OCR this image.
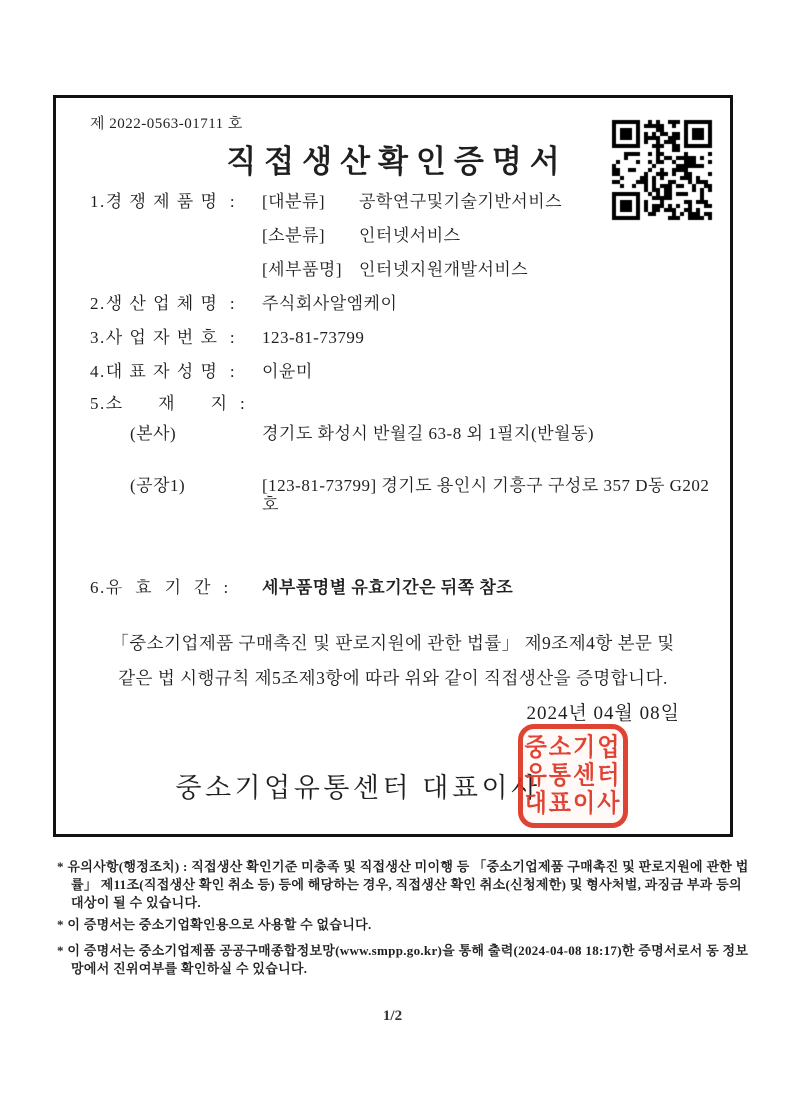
제 2022-0563-01711 호
직접생산확인증명서
1.경 쟁 제 품 명  :	[대분류]	공학연구및기술기반서비스

[소분류]	인터넷서비스

[세부품명] 인터넷지원개발서비스
2.생 산 업 체 명  :	주식회사알엠케이
3.사 업 자 번 호  :	123-81-73799
4.대 표 자 성 명  :	이윤미
5.소      재      지  :
(본사)	경기도 화성시 반월길 63-8 외 1필지(반월동)
(공장1)	[123-81-73799] 경기도 용인시 기흥구 구성로 357 D동 G202호
6.유  효  기  간  :	세부품명별 유효기간은 뒤쪽 참조
「중소기업제품 구매촉진 및 판로지원에 관한 법률」 제9조제4항 본문 및
같은 법 시행규칙 제5조제3항에 따라 위와 같이 직접생산을 증명합니다.
2024년 04월 08일
중소기업유통센터 대표이사
중소기업
유통센터
대표이사
* 유의사항(행정조치) : 직접생산 확인기준 미충족 및 직접생산 미이행 등 「중소기업제품 구매촉진 및 판로지원에 관한 법률」 제11조(직접생산 확인 취소 등) 등에 해당하는 경우, 직접생산 확인 취소(신청제한) 및 형사처벌, 과징금 부과 등의 대상이 될 수 있습니다.
* 이 증명서는 중소기업확인용으로 사용할 수 없습니다.
* 이 증명서는 중소기업제품 공공구매종합정보망(www.smpp.go.kr)을 통해 출력(2024-04-08 18:17)한 증명서로서 동 정보망에서 진위여부를 확인하실 수 있습니다.
1/2
